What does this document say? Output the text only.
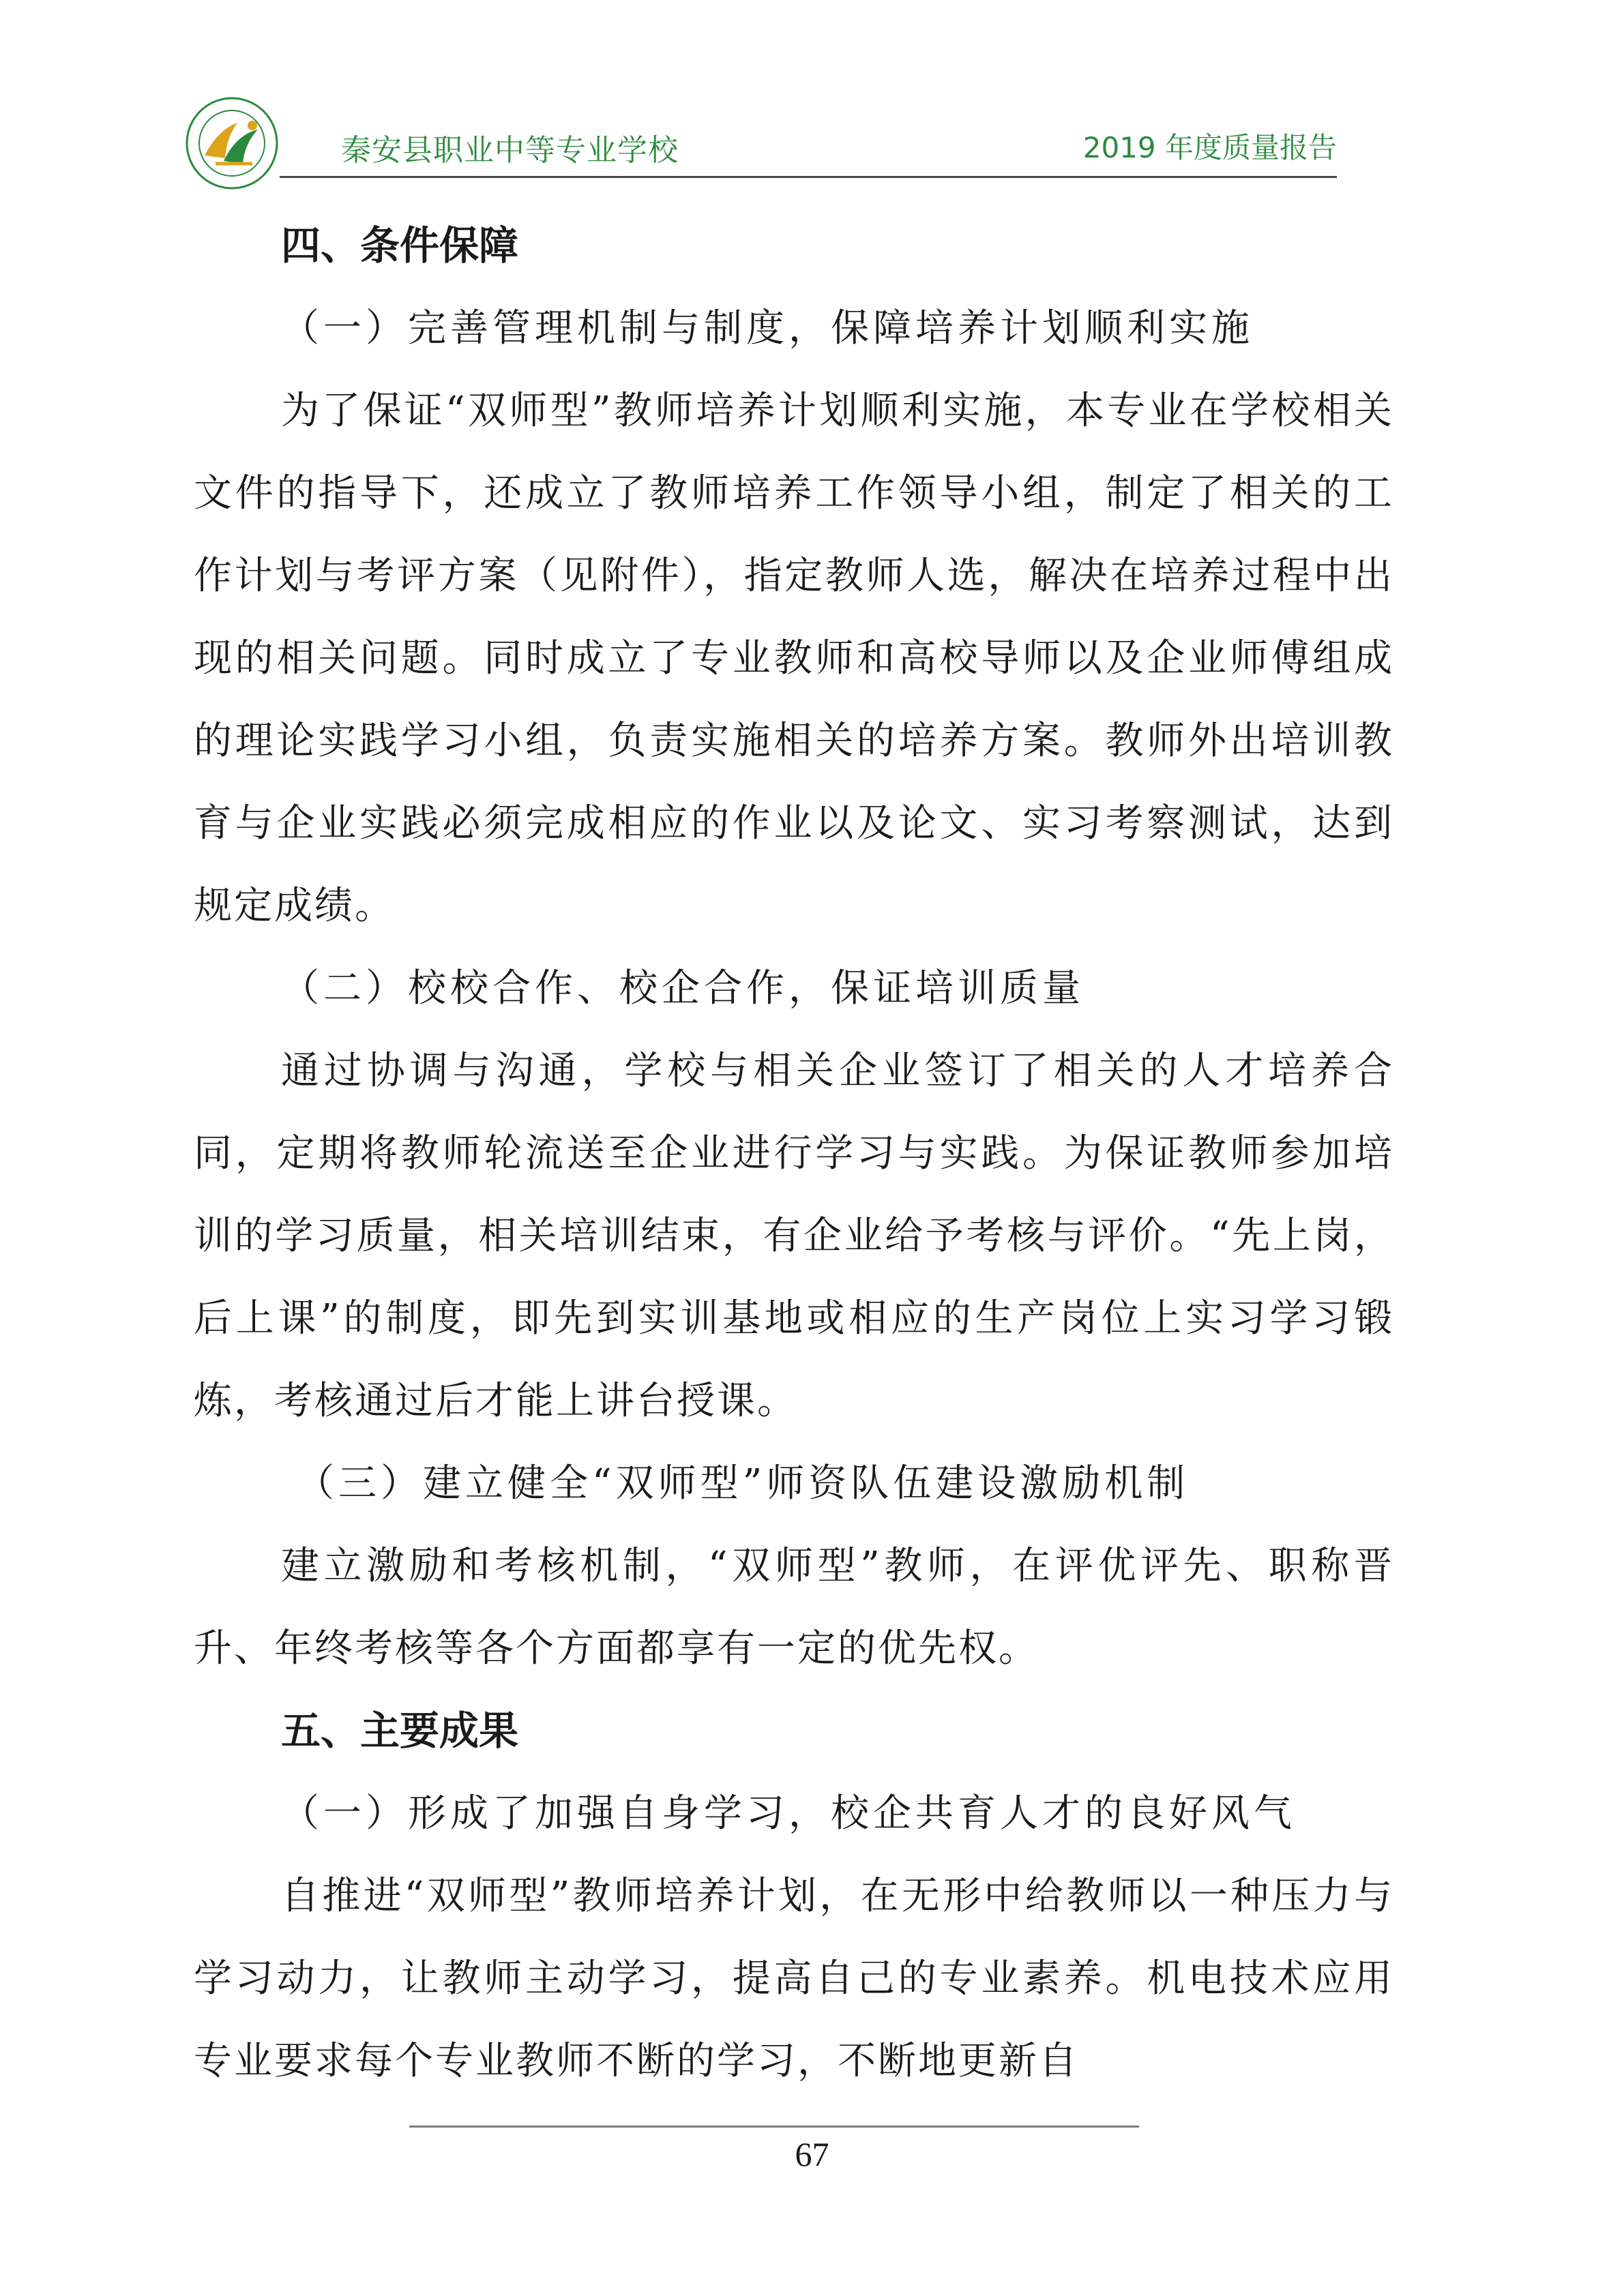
秦安县职业中等专业学校	2019 年度质量报告
四、条件保障
（一）完善管理机制与制度，保障培养计划顺利实施

为了保证“双师型”教师培养计划顺利实施，本专业在学校相关文件的指导下，还成立了教师培养工作领导小组，制定了相关的工作计划与考评方案（见附件），指定教师人选，解决在培养过程中出现的相关问题。同时成立了专业教师和高校导师以及企业师傅组成的理论实践学习小组，负责实施相关的培养方案。教师外出培训教育与企业实践必须完成相应的作业以及论文、实习考察测试，达到规定成绩。

（二）校校合作、校企合作，保证培训质量

通过协调与沟通，学校与相关企业签订了相关的人才培养合同，定期将教师轮流送至企业进行学习与实践。为保证教师参加培训的学习质量，相关培训结束，有企业给予考核与评价。“先上岗，后上课”的制度，即先到实训基地或相应的生产岗位上实习学习锻炼，考核通过后才能上讲台授课。

（三）建立健全“双师型”师资队伍建设激励机制

建立激励和考核机制，“双师型”教师，在评优评先、职称晋升、年终考核等各个方面都享有一定的优先权。

五、主要成果
（一）形成了加强自身学习，校企共育人才的良好风气

自推进“双师型”教师培养计划，在无形中给教师以一种压力与学习动力，让教师主动学习，提高自己的专业素养。机电技术应用专业要求每个专业教师不断的学习，不断地更新自

67
